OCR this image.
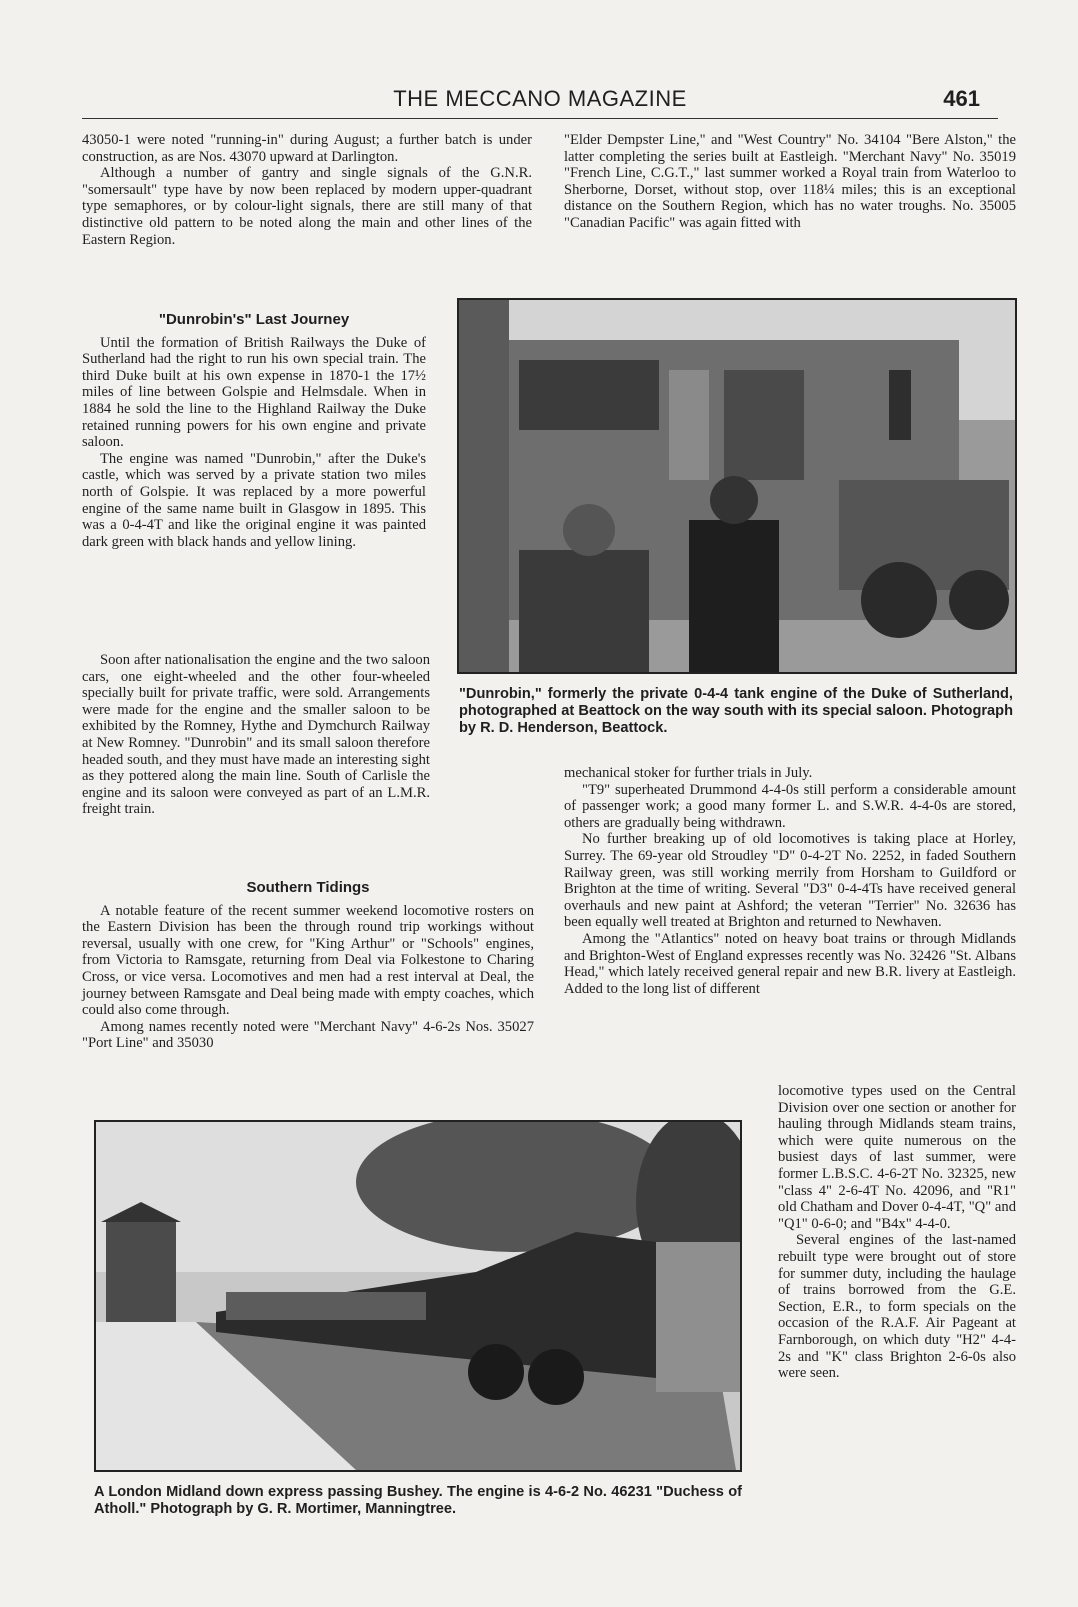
THE MECCANO MAGAZINE	461

43050-1 were noted "running-in" during August; a further batch is under construction, as are Nos. 43070 upward at Darlington.

Although a number of gantry and single signals of the G.N.R. "somersault" type have by now been replaced by modern upper-quadrant type semaphores, or by colour-light signals, there are still many of that distinctive old pattern to be noted along the main and other lines of the Eastern Region.

"Elder Dempster Line," and "West Country" No. 34104 "Bere Alston," the latter completing the series built at Eastleigh. "Merchant Navy" No. 35019 "French Line, C.G.T.," last summer worked a Royal train from Waterloo to Sherborne, Dorset, without stop, over 118¼ miles; this is an exceptional distance on the Southern Region, which has no water troughs. No. 35005 "Canadian Pacific" was again fitted with

"Dunrobin's" Last Journey

Until the formation of British Railways the Duke of Sutherland had the right to run his own special train. The third Duke built at his own expense in 1870-1 the 17½ miles of line between Golspie and Helmsdale. When in 1884 he sold the line to the Highland Railway the Duke retained running powers for his own engine and private saloon.

The engine was named "Dunrobin," after the Duke's castle, which was served by a private station two miles north of Golspie. It was replaced by a more powerful engine of the same name built in Glasgow in 1895. This was a 0-4-4T and like the original engine it was painted dark green with black hands and yellow lining.

Soon after nationalisation the engine and the two saloon cars, one eight-wheeled and the other four-wheeled specially built for private traffic, were sold. Arrangements were made for the engine and the smaller saloon to be exhibited by the Romney, Hythe and Dymchurch Railway at New Romney. "Dunrobin" and its small saloon therefore headed south, and they must have made an interesting sight as they pottered along the main line. South of Carlisle the engine and its saloon were conveyed as part of an L.M.R. freight train.

Southern Tidings

A notable feature of the recent summer weekend locomotive rosters on the Eastern Division has been the through round trip workings without reversal, usually with one crew, for "King Arthur" or "Schools" engines, from Victoria to Ramsgate, returning from Deal via Folkestone to Charing Cross, or vice versa. Locomotives and men had a rest interval at Deal, the journey between Ramsgate and Deal being made with empty coaches, which could also come through.

Among names recently noted were "Merchant Navy" 4-6-2s Nos. 35027 "Port Line" and 35030

"Dunrobin," formerly the private 0-4-4 tank engine of the Duke of Sutherland, photographed at Beattock on the way south with its special saloon. Photograph by R. D. Henderson, Beattock.

mechanical stoker for further trials in July.

"T9" superheated Drummond 4-4-0s still perform a considerable amount of passenger work; a good many former L. and S.W.R. 4-4-0s are stored, others are gradually being withdrawn.

No further breaking up of old locomotives is taking place at Horley, Surrey. The 69-year old Stroudley "D" 0-4-2T No. 2252, in faded Southern Railway green, was still working merrily from Horsham to Guildford or Brighton at the time of writing. Several "D3" 0-4-4Ts have received general overhauls and new paint at Ashford; the veteran "Terrier" No. 32636 has been equally well treated at Brighton and returned to Newhaven.

Among the "Atlantics" noted on heavy boat trains or through Midlands and Brighton-West of England expresses recently was No. 32426 "St. Albans Head," which lately received general repair and new B.R. livery at Eastleigh. Added to the long list of different

locomotive types used on the Central Division over one section or another for hauling through Midlands steam trains, which were quite numerous on the busiest days of last summer, were former L.B.S.C. 4-6-2T No. 32325, new "class 4" 2-6-4T No. 42096, and "R1" old Chatham and Dover 0-4-4T, "Q" and "Q1" 0-6-0; and "B4x" 4-4-0.

Several engines of the last-named rebuilt type were brought out of store for summer duty, including the haulage of trains borrowed from the G.E. Section, E.R., to form specials on the occasion of the R.A.F. Air Pageant at Farnborough, on which duty "H2" 4-4-2s and "K" class Brighton 2-6-0s also were seen.

A London Midland down express passing Bushey. The engine is 4-6-2 No. 46231 "Duchess of Atholl." Photograph by G. R. Mortimer, Manningtree.
